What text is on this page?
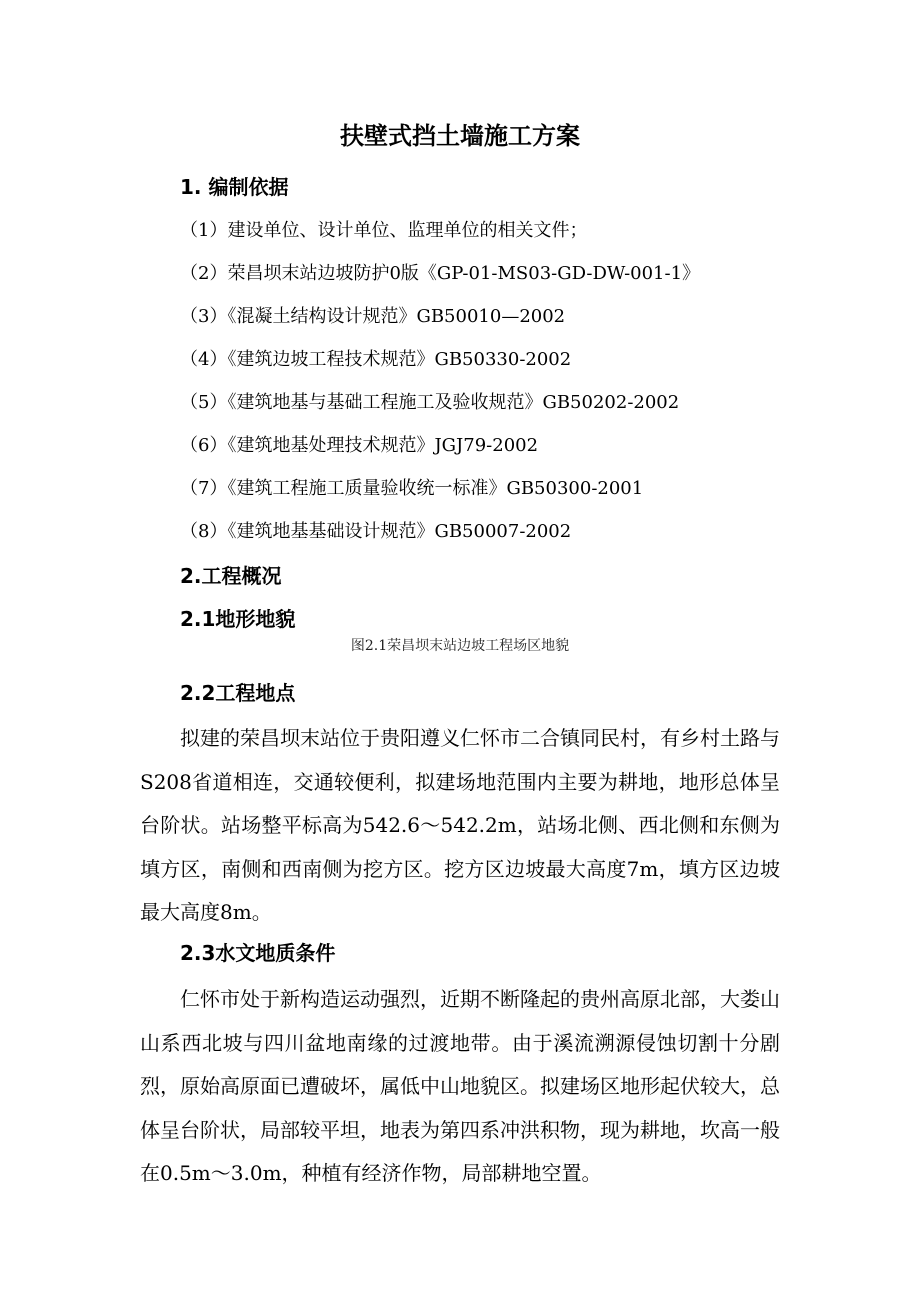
扶壁式挡土墙施工方案
1. 编制依据

（1）建设单位、设计单位、监理单位的相关文件；

（2）荣昌坝末站边坡防护0版《GP-01-MS03-GD-DW-001-1》

（3）《混凝土结构设计规范》GB50010—2002

（4）《建筑边坡工程技术规范》GB50330-2002

（5）《建筑地基与基础工程施工及验收规范》GB50202-2002

（6）《建筑地基处理技术规范》JGJ79-2002

（7）《建筑工程施工质量验收统一标准》GB50300-2001

（8）《建筑地基基础设计规范》GB50007-2002

2.工程概况
2.1地形地貌

图2.1荣昌坝末站边坡工程场区地貌

2.2工程地点

拟建的荣昌坝末站位于贵阳遵义仁怀市二合镇同民村，有乡村土路与S208省道相连，交通较便利，拟建场地范围内主要为耕地，地形总体呈台阶状。站场整平标高为542.6～542.2m，站场北侧、西北侧和东侧为填方区，南侧和西南侧为挖方区。挖方区边坡最大高度7m，填方区边坡最大高度8m。

2.3水文地质条件

仁怀市处于新构造运动强烈，近期不断隆起的贵州高原北部，大娄山山系西北坡与四川盆地南缘的过渡地带。由于溪流溯源侵蚀切割十分剧烈，原始高原面已遭破坏，属低中山地貌区。拟建场区地形起伏较大，总体呈台阶状，局部较平坦，地表为第四系冲洪积物，现为耕地，坎高一般在0.5m～3.0m，种植有经济作物，局部耕地空置。
